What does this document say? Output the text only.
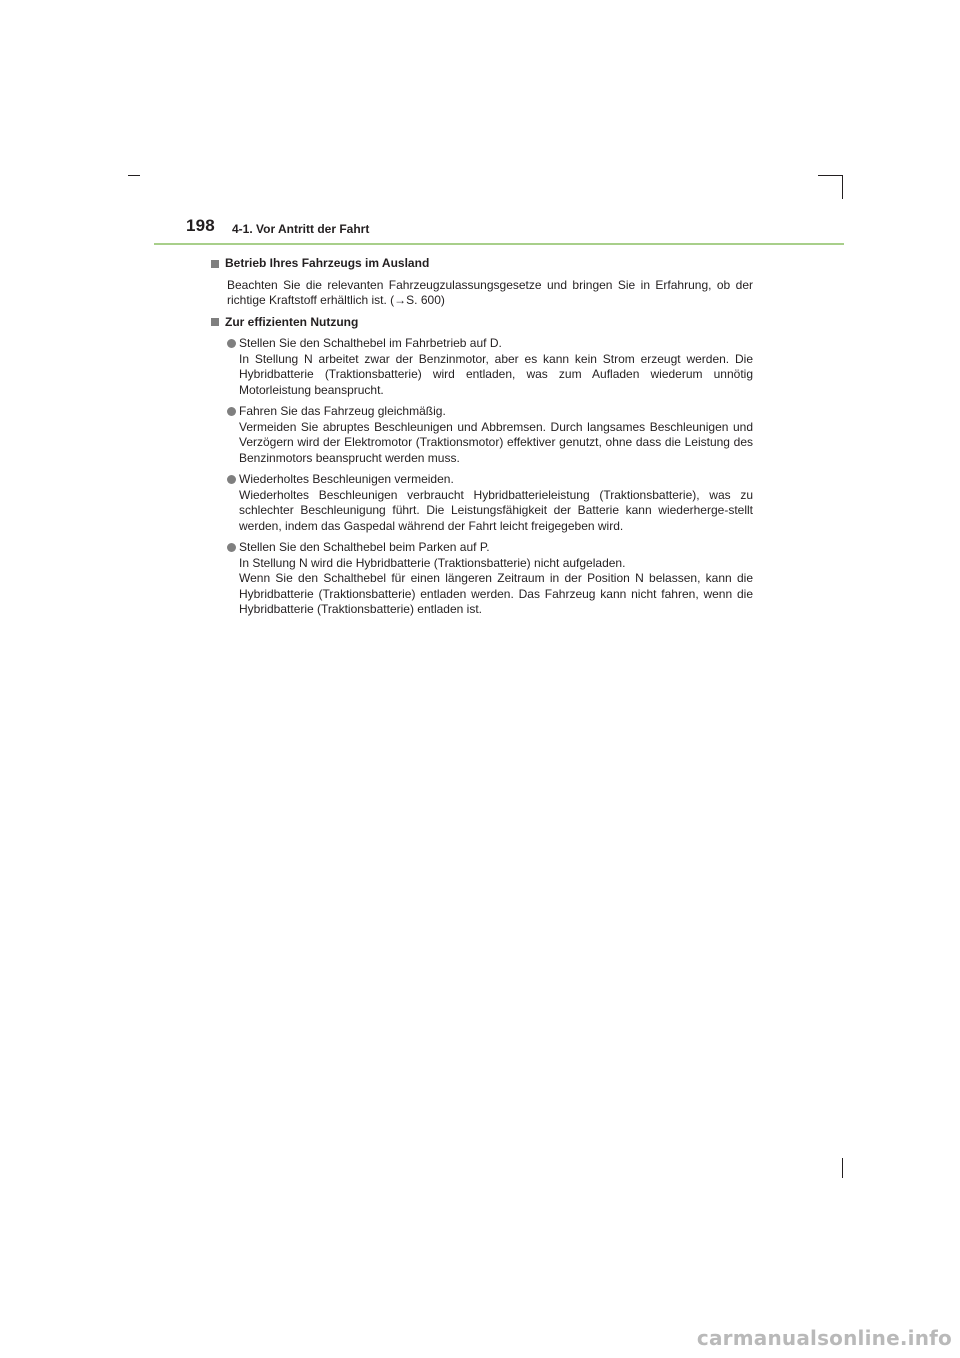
198 4-1. Vor Antritt der Fahrt
Betrieb Ihres Fahrzeugs im Ausland
Beachten Sie die relevanten Fahrzeugzulassungsgesetze und bringen Sie in Erfahrung, ob der richtige Kraftstoff erhältlich ist. (→S. 600)
Zur effizienten Nutzung

Stellen Sie den Schalthebel im Fahrbetrieb auf D.
In Stellung N arbeitet zwar der Benzinmotor, aber es kann kein Strom erzeugt werden. Die Hybridbatterie (Traktionsbatterie) wird entladen, was zum Aufladen wiederum unnötig Motorleistung beansprucht.

Fahren Sie das Fahrzeug gleichmäßig.
Vermeiden Sie abruptes Beschleunigen und Abbremsen. Durch langsames Beschleunigen und Verzögern wird der Elektromotor (Traktionsmotor) effektiver genutzt, ohne dass die Leistung des Benzinmotors beansprucht werden muss.

Wiederholtes Beschleunigen vermeiden.
Wiederholtes Beschleunigen verbraucht Hybridbatterieleistung (Traktionsbatterie), was zu schlechter Beschleunigung führt. Die Leistungsfähigkeit der Batterie kann wiederherge-stellt werden, indem das Gaspedal während der Fahrt leicht freigegeben wird.

Stellen Sie den Schalthebel beim Parken auf P.
In Stellung N wird die Hybridbatterie (Traktionsbatterie) nicht aufgeladen.
Wenn Sie den Schalthebel für einen längeren Zeitraum in der Position N belassen, kann die Hybridbatterie (Traktionsbatterie) entladen werden. Das Fahrzeug kann nicht fahren, wenn die Hybridbatterie (Traktionsbatterie) entladen ist.

carmanualsonline.info
